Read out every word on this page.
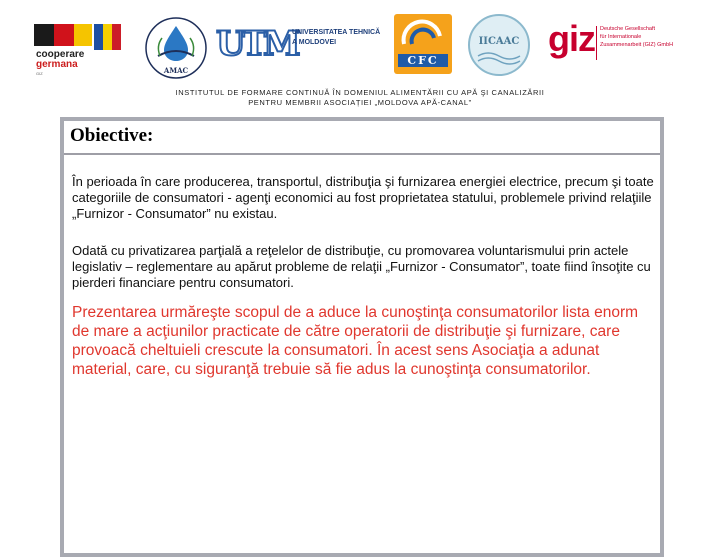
cooperare
germana
GIZ	AMAC
UTM
UNIVERSITATEA TEHNICĂ
A MOLDOVEI
CFC
IICAAC giz Deutsche Gesellschaft
für Internationale
Zusammenarbeit (GIZ) GmbH
INSTITUTUL DE FORMARE CONTINUĂ ÎN DOMENIUL ALIMENTĂRII CU APĂ ŞI CANALIZĂRII
PENTRU MEMBRII ASOCIAȚIEI „MOLDOVA APĂ-CANAL”
Obiective:
În perioada în care producerea, transportul, distribuţia şi furnizarea energiei electrice, precum şi toate categoriile de consumatori - agenţi economici au fost proprietatea statului, problemele privind relaţiile „Furnizor - Consumator” nu existau.
Odată cu privatizarea parţială a reţelelor de distribuţie, cu promovarea voluntarismului prin actele legislativ – reglementare au apărut probleme de relaţii „Furnizor - Consumator”, toate fiind însoţite cu pierderi financiare pentru consumatori.
Prezentarea urmăreşte scopul de a aduce la cunoştinţa consumatorilor lista enorm de mare a acţiunilor practicate de către operatorii de distribuţie şi furnizare, care provoacă cheltuieli crescute la consumatori. În acest sens Asociaţia a adunat material, care, cu siguranţă trebuie să fie adus la cunoştinţa consumatorilor.
